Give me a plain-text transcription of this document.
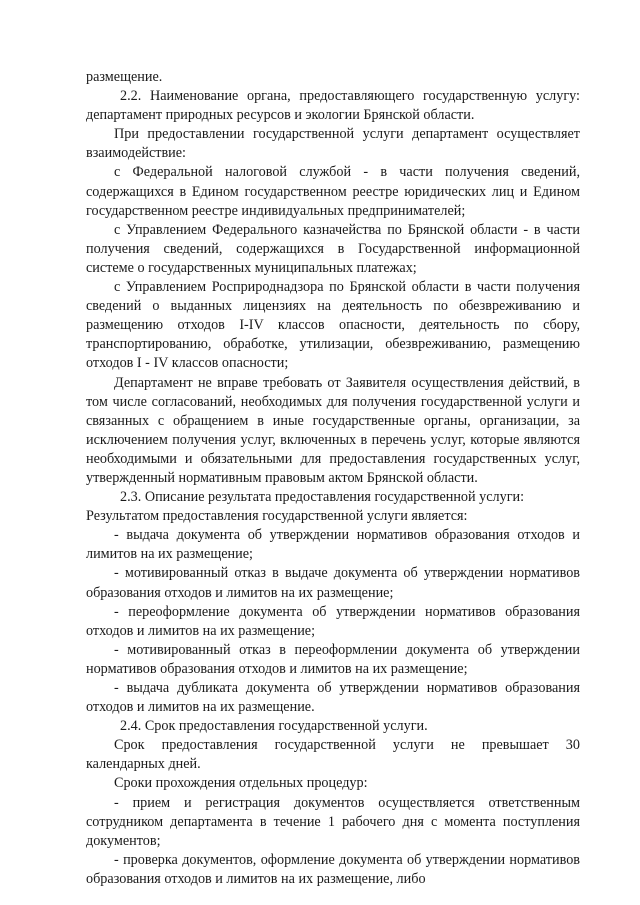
размещение.

2.2. Наименование органа, предоставляющего государственную услугу: департамент природных ресурсов и экологии Брянской области.

При предоставлении государственной услуги департамент осуществляет взаимодействие:

с Федеральной налоговой службой - в части получения сведений, содержащихся в Едином государственном реестре юридических лиц и Едином государственном реестре индивидуальных предпринимателей;

с Управлением Федерального казначейства по Брянской области - в части получения сведений, содержащихся в Государственной информационной системе о государственных муниципальных платежах;

с Управлением Росприроднадзора по Брянской области в части получения сведений о выданных лицензиях на деятельность по обезвреживанию и размещению отходов I-IV классов опасности, деятельность по сбору, транспортированию, обработке, утилизации, обезвреживанию, размещению отходов I - IV классов опасности;

Департамент не вправе требовать от Заявителя осуществления действий, в том числе согласований, необходимых для получения государственной услуги и связанных с обращением в иные государственные органы, организации, за исключением получения услуг, включенных в перечень услуг, которые являются необходимыми и обязательными для предоставления государственных услуг, утвержденный нормативным правовым актом Брянской области.

2.3. Описание результата предоставления государственной услуги:

Результатом предоставления государственной услуги является:

- выдача документа об утверждении нормативов образования отходов и лимитов на их размещение;

- мотивированный отказ в выдаче документа об утверждении нормативов образования отходов и лимитов на их размещение;

- переоформление документа об утверждении нормативов образования отходов и лимитов на их размещение;

- мотивированный отказ в переоформлении документа об утверждении нормативов образования отходов и лимитов на их размещение;

- выдача дубликата документа об утверждении нормативов образования отходов и лимитов на их размещение.

2.4. Срок предоставления государственной услуги.

Срок предоставления государственной услуги не превышает 30 календарных дней.

Сроки прохождения отдельных процедур:

- прием и регистрация документов осуществляется ответственным сотрудником департамента в течение 1 рабочего дня с момента поступления документов;

- проверка документов, оформление документа об утверждении нормативов образования отходов и лимитов на их размещение, либо
